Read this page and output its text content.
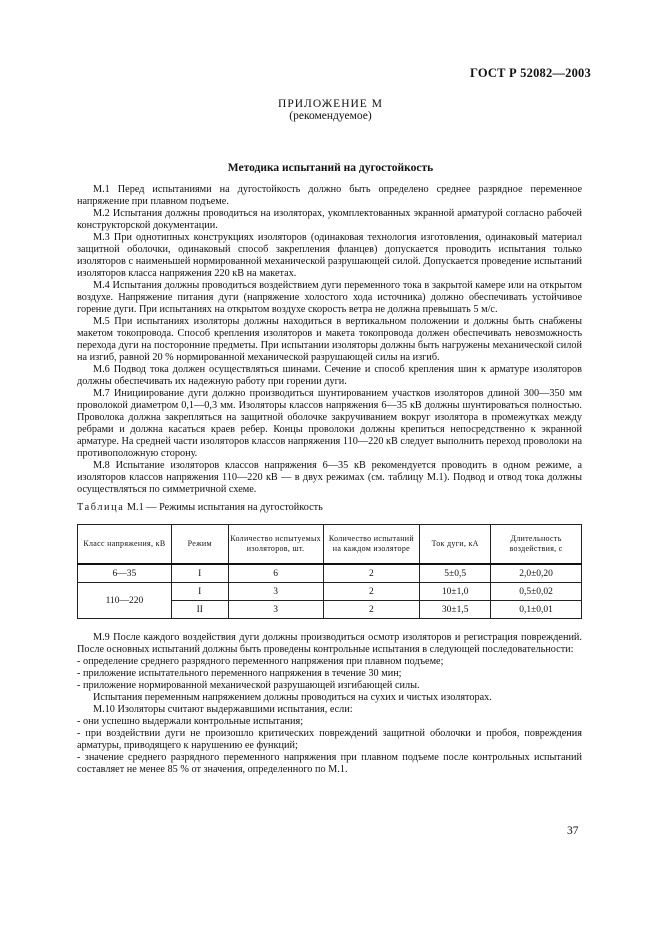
ГОСТ Р 52082—2003
ПРИЛОЖЕНИЕ М
(рекомендуемое)
Методика испытаний на дугостойкость

М.1 Перед испытаниями на дугостойкость должно быть определено среднее разрядное переменное напряжение при плавном подъеме.

М.2 Испытания должны проводиться на изоляторах, укомплектованных экранной арматурой согласно рабочей конструкторской документации.

М.3 При однотипных конструкциях изоляторов (одинаковая технология изготовления, одинаковый материал защитной оболочки, одинаковый способ закрепления фланцев) допускается проводить испытания только изоляторов с наименьшей нормированной механической разрушающей силой. Допускается проведение испытаний изоляторов класса напряжения 220 кВ на макетах.

М.4 Испытания должны проводиться воздействием дуги переменного тока в закрытой камере или на открытом воздухе. Напряжение питания дуги (напряжение холостого хода источника) должно обеспечивать устойчивое горение дуги. При испытаниях на открытом воздухе скорость ветра не должна превышать 5 м/с.

М.5 При испытаниях изоляторы должны находиться в вертикальном положении и должны быть снабжены макетом токопровода. Способ крепления изоляторов и макета токопровода должен обеспечивать невозможность перехода дуги на посторонние предметы. При испытании изоляторы должны быть нагружены механической силой на изгиб, равной 20 % нормированной механической разрушающей силы на изгиб.

М.6 Подвод тока должен осуществляться шинами. Сечение и способ крепления шин к арматуре изоляторов должны обеспечивать их надежную работу при горении дуги.

М.7 Инициирование дуги должно производиться шунтированием участков изоляторов длиной 300—350 мм проволокой диаметром 0,1—0,3 мм. Изоляторы классов напряжения 6—35 кВ должны шунтироваться полностью. Проволока должна закрепляться на защитной оболочке закручиванием вокруг изолятора в промежутках между ребрами и должна касаться краев ребер. Концы проволоки должны крепиться непосредственно к экранной арматуре. На средней части изоляторов классов напряжения 110—220 кВ следует выполнить переход проволоки на противоположную сторону.

М.8 Испытание изоляторов классов напряжения 6—35 кВ рекомендуется проводить в одном режиме, а изоляторов классов напряжения 110—220 кВ — в двух режимах (см. таблицу М.1). Подвод и отвод тока должны осуществляться по симметричной схеме.

Таблица М.1 — Режимы испытания на дугостойкость
Класс напряжения, кВ	Режим	Количество испытуемых изоляторов, шт.	Количество испытаний на каждом изоляторе	Ток дуги, кА	Длительность воздействия, с
6—35	I	6	2	5±0,5	2,0±0,20
110—220	I	3	2	10±1,0	0,5±0,02
	II	3	2	30±1,5	0,1±0,01

М.9 После каждого воздействия дуги должны производиться осмотр изоляторов и регистрация повреждений. После основных испытаний должны быть проведены контрольные испытания в следующей последовательности:

- определение среднего разрядного переменного напряжения при плавном подъеме;

- приложение испытательного переменного напряжения в течение 30 мин;

- приложение нормированной механической разрушающей изгибающей силы.

Испытания переменным напряжением должны проводиться на сухих и чистых изоляторах.

М.10 Изоляторы считают выдержавшими испытания, если:

- они успешно выдержали контрольные испытания;

- при воздействии дуги не произошло критических повреждений защитной оболочки и пробоя, повреждения арматуры, приводящего к нарушению ее функций;

- значение среднего разрядного переменного напряжения при плавном подъеме после контрольных испытаний составляет не менее 85 % от значения, определенного по М.1.

37
